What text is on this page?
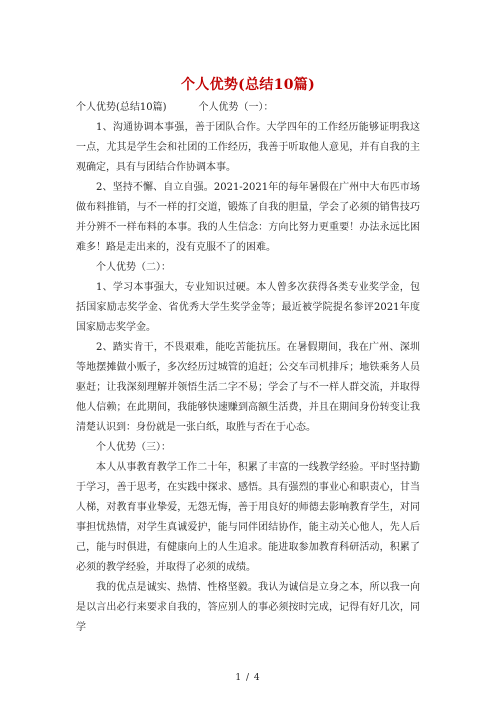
个人优势(总结10篇)

个人优势(总结10篇)	个人优势（一）：

1、沟通协调本事强，善于团队合作。大学四年的工作经历能够证明我这一点，尤其是学生会和社团的工作经历，我善于听取他人意见，并有自我的主观确定，具有与团结合作协调本事。

2、坚持不懈、自立自强。2021-2021年的每年暑假在广州中大布匹市场做布料推销，与不一样的打交道，锻炼了自我的胆量，学会了必须的销售技巧并分辨不一样布料的本事。我的人生信念：方向比努力更重要！办法永远比困难多！路是走出来的，没有克服不了的困难。

个人优势（二）：

1、学习本事强大，专业知识过硬。本人曾多次获得各类专业奖学金，包括国家励志奖学金、省优秀大学生奖学金等；最近被学院提名参评2021年度国家励志奖学金。

2、踏实肯干，不畏艰难，能吃苦能抗压。在暑假期间，我在广州、深圳等地摆摊做小贩子，多次经历过城管的追赶；公交车司机排斥；地铁乘务人员驱赶；让我深刻理解并领悟生活二字不易；学会了与不一样人群交流，并取得他人信赖；在此期间，我能够快速赚到高额生活费，并且在期间身份转变让我清楚认识到：身份就是一张白纸，取胜与否在于心态。

个人优势（三）：

本人从事教育教学工作二十年，积累了丰富的一线教学经验。平时坚持勤于学习，善于思考，在实践中探求、感悟。具有强烈的事业心和职责心，甘当人梯，对教育事业挚爱，无怨无悔，善于用良好的师德去影响教育学生，对同事担忧热情，对学生真诚爱护，能与同伴团结协作，能主动关心他人，先人后己，能与时俱进，有健康向上的人生追求。能进取参加教育科研活动，积累了必须的教学经验，并取得了必须的成绩。

我的优点是诚实、热情、性格坚毅。我认为诚信是立身之本，所以我一向是以言出必行来要求自我的，答应别人的事必须按时完成，记得有好几次，同学

1 / 4
